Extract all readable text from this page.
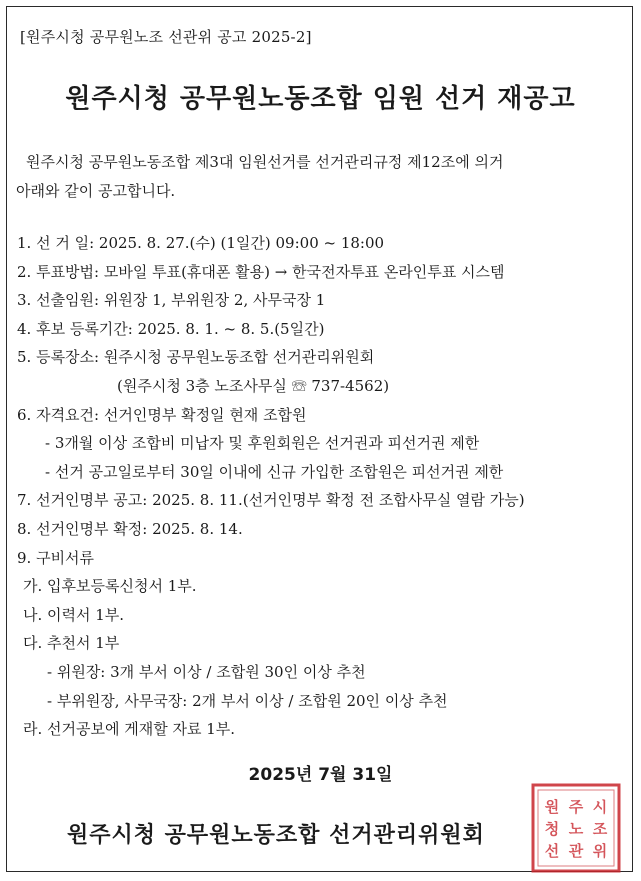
[원주시청 공무원노조 선관위 공고 2025-2]
원주시청 공무원노동조합 임원 선거 재공고
원주시청 공무원노동조합 제3대 임원선거를 선거관리규정 제12조에 의거
아래와 같이 공고합니다.
1. 선 거 일: 2025. 8. 27.(수) (1일간) 09:00 ~ 18:00
2. 투표방법: 모바일 투표(휴대폰 활용) → 한국전자투표 온라인투표 시스템
3. 선출임원: 위원장 1, 부위원장 2, 사무국장 1
4. 후보 등록기간: 2025. 8. 1. ~ 8. 5.(5일간)
5. 등록장소: 원주시청 공무원노동조합 선거관리위원회
(원주시청 3층 노조사무실 ☏ 737-4562)
6. 자격요건: 선거인명부 확정일 현재 조합원
- 3개월 이상 조합비 미납자 및 후원회원은 선거권과 피선거권 제한
- 선거 공고일로부터 30일 이내에 신규 가입한 조합원은 피선거권 제한
7. 선거인명부 공고: 2025. 8. 11.(선거인명부 확정 전 조합사무실 열람 가능)
8. 선거인명부 확정: 2025. 8. 14.
9. 구비서류
가. 입후보등록신청서 1부.
나. 이력서 1부.
다. 추천서 1부
- 위원장: 3개 부서 이상 / 조합원 30인 이상 추천
- 부위원장, 사무국장: 2개 부서 이상 / 조합원 20인 이상 추천
라. 선거공보에 게재할 자료 1부.
2025년 7월 31일
원주시청 공무원노동조합 선거관리위원회
원 주 시
청 노 조
선 관 위
